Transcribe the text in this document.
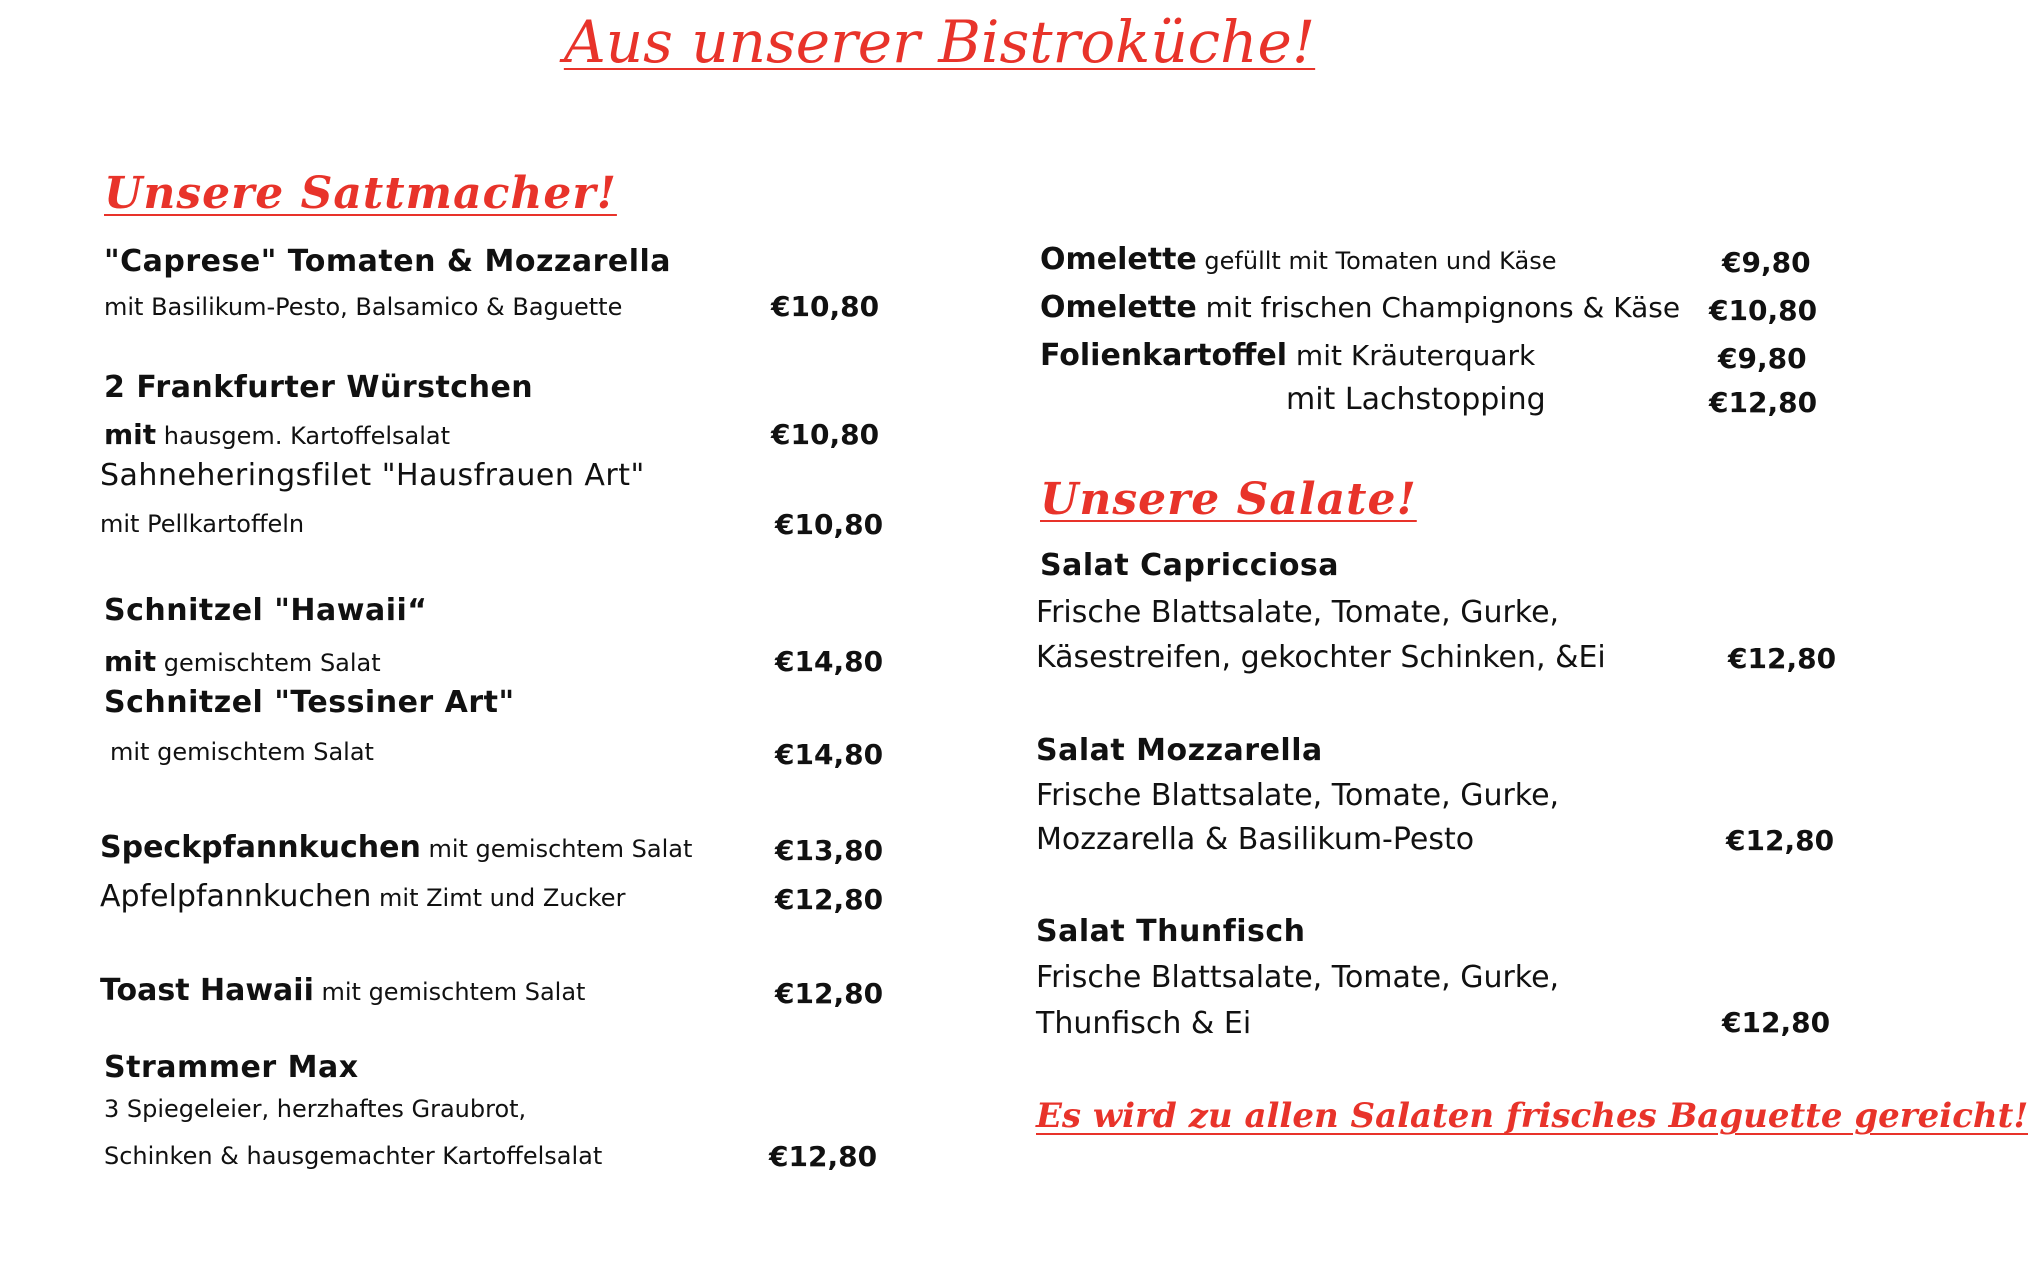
Aus unserer Bistroküche!
Unsere Sattmacher!
"Caprese" Tomaten & Mozzarella
mit Basilikum-Pesto, Balsamico & Baguette	€10,80
2 Frankfurter Würstchen
mit hausgem. Kartoffelsalat	€10,80
Sahneheringsfilet "Hausfrauen Art"
mit Pellkartoffeln	€10,80
Schnitzel "Hawaii“
mit gemischtem Salat	€14,80
Schnitzel "Tessiner Art"
mit gemischtem Salat	€14,80
Speckpfannkuchen mit gemischtem Salat	€13,80
Apfelpfannkuchen mit Zimt und Zucker	€12,80
Toast Hawaii mit gemischtem Salat	€12,80
Strammer Max
3 Spiegeleier, herzhaftes Graubrot,
Schinken & hausgemachter Kartoffelsalat	€12,80
Omelette gefüllt mit Tomaten und Käse	€9,80
Omelette mit frischen Champignons & Käse €10,80
Folienkartoffel mit Kräuterquark	€9,80
mit Lachstopping	€12,80
Unsere Salate!
Salat Capricciosa
Frische Blattsalate, Tomate, Gurke,
Käsestreifen, gekochter Schinken, &Ei	€12,80
Salat Mozzarella
Frische Blattsalate, Tomate, Gurke,
Mozzarella & Basilikum-Pesto	€12,80
Salat Thunfisch
Frische Blattsalate, Tomate, Gurke,
Thunfisch & Ei	€12,80
Es wird zu allen Salaten frisches Baguette gereicht!
